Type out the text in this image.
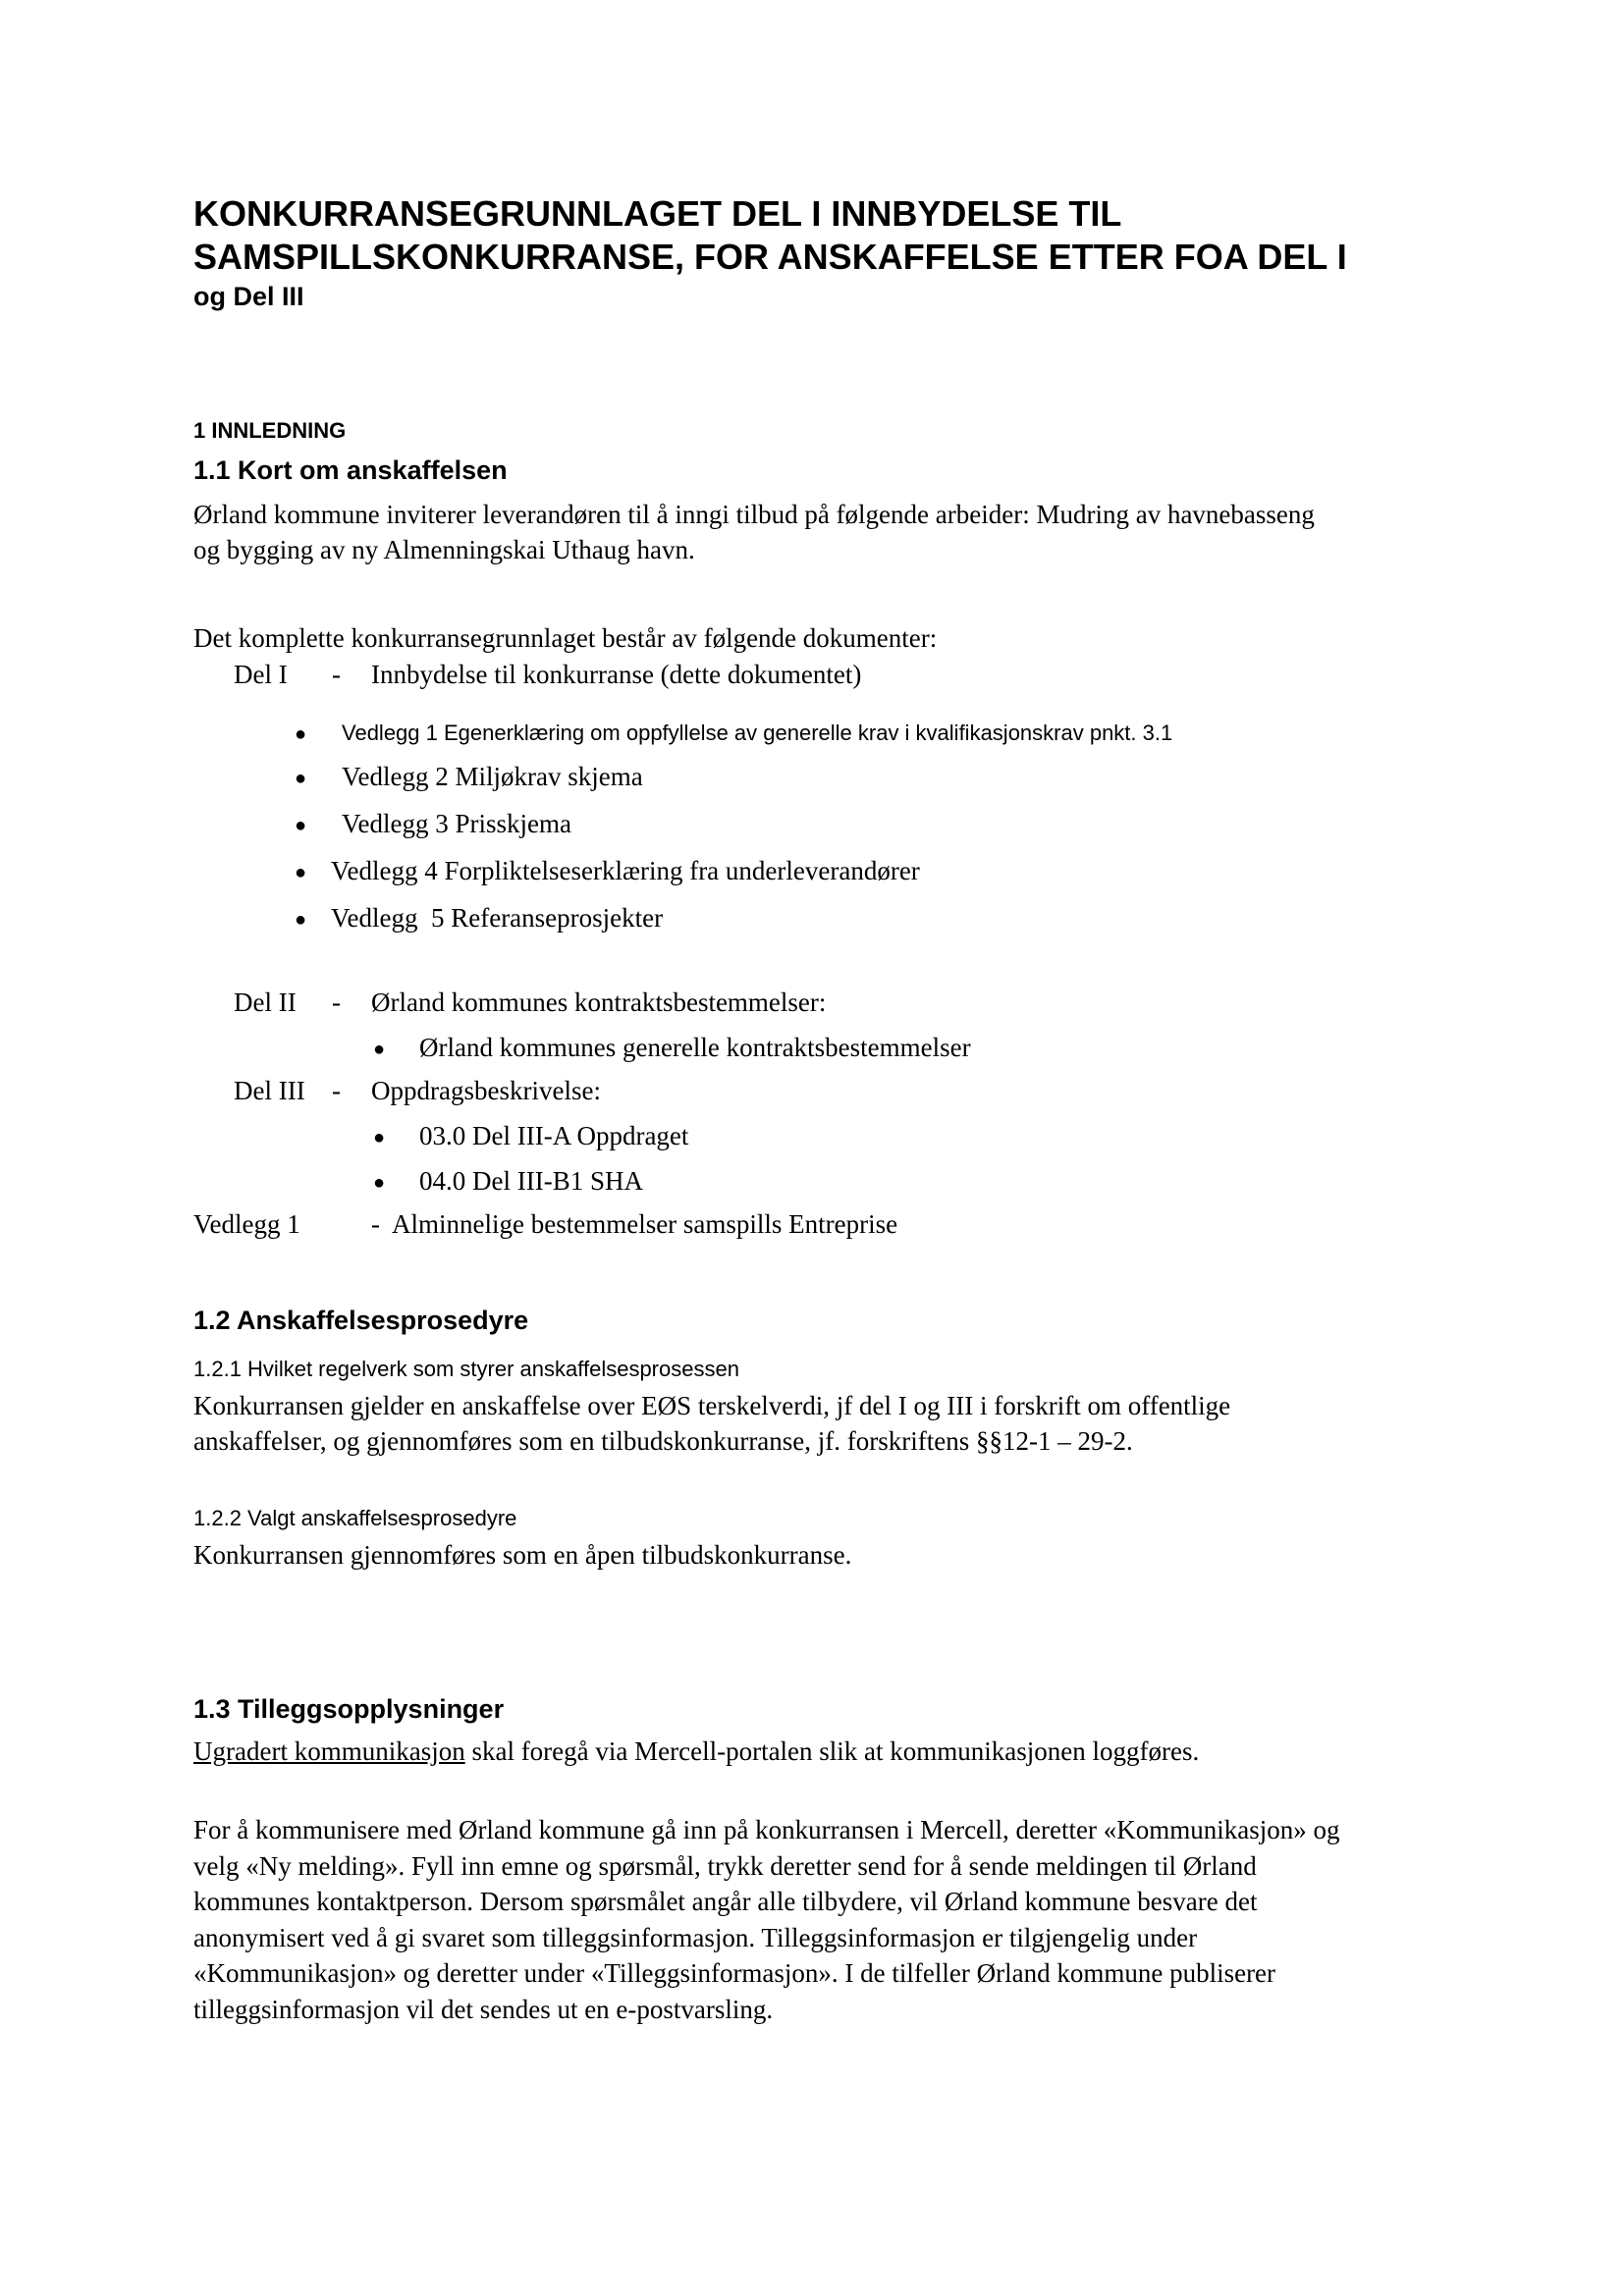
KONKURRANSEGRUNNLAGET DEL I INNBYDELSE TIL
SAMSPILLSKONKURRANSE, FOR ANSKAFFELSE ETTER FOA DEL I
og Del III
1 INNLEDNING
1.1 Kort om anskaffelsen
Ørland kommune inviterer leverandøren til å inngi tilbud på følgende arbeider: Mudring av havnebasseng
og bygging av ny Almenningskai Uthaug havn.
Det komplette konkurransegrunnlaget består av følgende dokumenter:
Del I - Innbydelse til konkurranse (dette dokumentet)
● Vedlegg 1 Egenerklæring om oppfyllelse av generelle krav i kvalifikasjonskrav pnkt. 3.1
● Vedlegg 2 Miljøkrav skjema
● Vedlegg 3 Prisskjema
● Vedlegg 4 Forpliktelseserklæring fra underleverandører
● Vedlegg  5 Referanseprosjekter
Del II - Ørland kommunes kontraktsbestemmelser:
● Ørland kommunes generelle kontraktsbestemmelser
Del III - Oppdragsbeskrivelse:
● 03.0 Del III-A Oppdraget
● 04.0 Del III-B1 SHA
Vedlegg 1	-  Alminnelige bestemmelser samspills Entreprise
1.2 Anskaffelsesprosedyre
1.2.1 Hvilket regelverk som styrer anskaffelsesprosessen
Konkurransen gjelder en anskaffelse over EØS terskelverdi, jf del I og III i forskrift om offentlige
anskaffelser, og gjennomføres som en tilbudskonkurranse, jf. forskriftens §§12-1 – 29-2.
1.2.2 Valgt anskaffelsesprosedyre
Konkurransen gjennomføres som en åpen tilbudskonkurranse.
1.3 Tilleggsopplysninger
Ugradert kommunikasjon skal foregå via Mercell-portalen slik at kommunikasjonen loggføres.
For å kommunisere med Ørland kommune gå inn på konkurransen i Mercell, deretter «Kommunikasjon» og
velg «Ny melding». Fyll inn emne og spørsmål, trykk deretter send for å sende meldingen til Ørland
kommunes kontaktperson. Dersom spørsmålet angår alle tilbydere, vil Ørland kommune besvare det
anonymisert ved å gi svaret som tilleggsinformasjon. Tilleggsinformasjon er tilgjengelig under
«Kommunikasjon» og deretter under «Tilleggsinformasjon». I de tilfeller Ørland kommune publiserer
tilleggsinformasjon vil det sendes ut en e-postvarsling.
